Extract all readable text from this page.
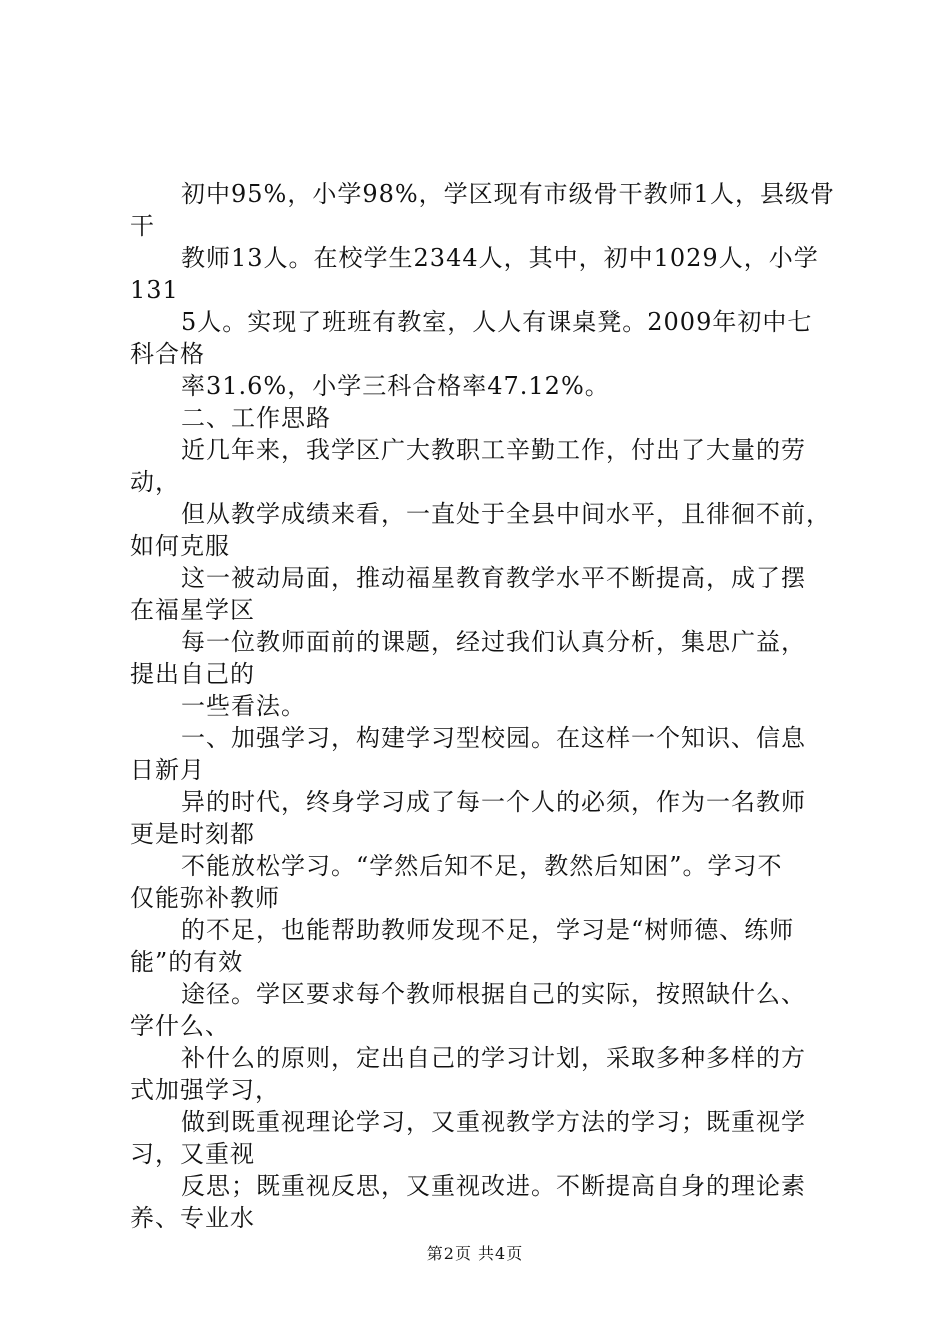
初中95%，小学98%，学区现有市级骨干教师1人，县级骨
干
教师13人。在校学生2344人，其中，初中1029人，小学
131
5人。实现了班班有教室，人人有课桌凳。2009年初中七
科合格
率31.6%，小学三科合格率47.12%。
二、工作思路
近几年来，我学区广大教职工辛勤工作，付出了大量的劳
动，
但从教学成绩来看，一直处于全县中间水平，且徘徊不前，
如何克服
这一被动局面，推动福星教育教学水平不断提高，成了摆
在福星学区
每一位教师面前的课题，经过我们认真分析，集思广益，
提出自己的
一些看法。
一、加强学习，构建学习型校园。在这样一个知识、信息
日新月
异的时代，终身学习成了每一个人的必须，作为一名教师
更是时刻都
不能放松学习。“学然后知不足，教然后知困”。学习不
仅能弥补教师
的不足，也能帮助教师发现不足，学习是“树师德、练师
能”的有效
途径。学区要求每个教师根据自己的实际，按照缺什么、
学什么、
补什么的原则，定出自己的学习计划，采取多种多样的方
式加强学习，
做到既重视理论学习，又重视教学方法的学习；既重视学
习，又重视
反思；既重视反思，又重视改进。不断提高自身的理论素
养、专业水
第2页 共4页
